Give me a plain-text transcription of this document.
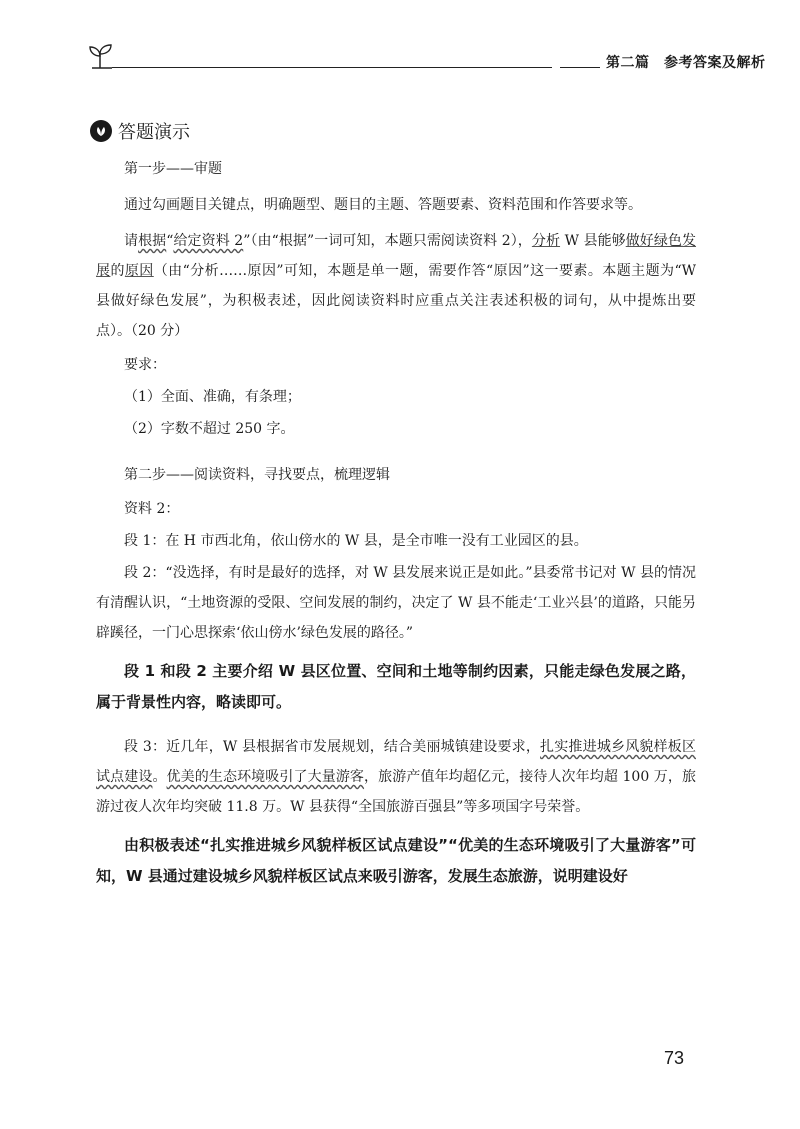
第二篇　参考答案及解析
答题演示

第一步——审题

通过勾画题目关键点，明确题型、题目的主题、答题要素、资料范围和作答要求等。

请根据“给定资料 2”（由“根据”一词可知，本题只需阅读资料 2），分析 W 县能够做好绿色发展的原因（由“分析……原因”可知，本题是单一题，需要作答“原因”这一要素。本题主题为“W 县做好绿色发展”，为积极表述，因此阅读资料时应重点关注表述积极的词句，从中提炼出要点）。（20 分）

要求：

（1）全面、准确，有条理；

（2）字数不超过 250 字。

第二步——阅读资料，寻找要点，梳理逻辑

资料 2：

段 1：在 H 市西北角，依山傍水的 W 县，是全市唯一没有工业园区的县。

段 2：“没选择，有时是最好的选择，对 W 县发展来说正是如此。”县委常书记对 W 县的情况有清醒认识，“土地资源的受限、空间发展的制约，决定了 W 县不能走‘工业兴县’的道路，只能另辟蹊径，一门心思探索‘依山傍水’绿色发展的路径。”

段 1 和段 2 主要介绍 W 县区位置、空间和土地等制约因素，只能走绿色发展之路，属于背景性内容，略读即可。

段 3：近几年，W 县根据省市发展规划，结合美丽城镇建设要求，扎实推进城乡风貌样板区试点建设。优美的生态环境吸引了大量游客，旅游产值年均超亿元，接待人次年均超 100 万，旅游过夜人次年均突破 11.8 万。W 县获得“全国旅游百强县”等多项国字号荣誉。

由积极表述“扎实推进城乡风貌样板区试点建设”“优美的生态环境吸引了大量游客”可知，W 县通过建设城乡风貌样板区试点来吸引游客，发展生态旅游，说明建设好

73
